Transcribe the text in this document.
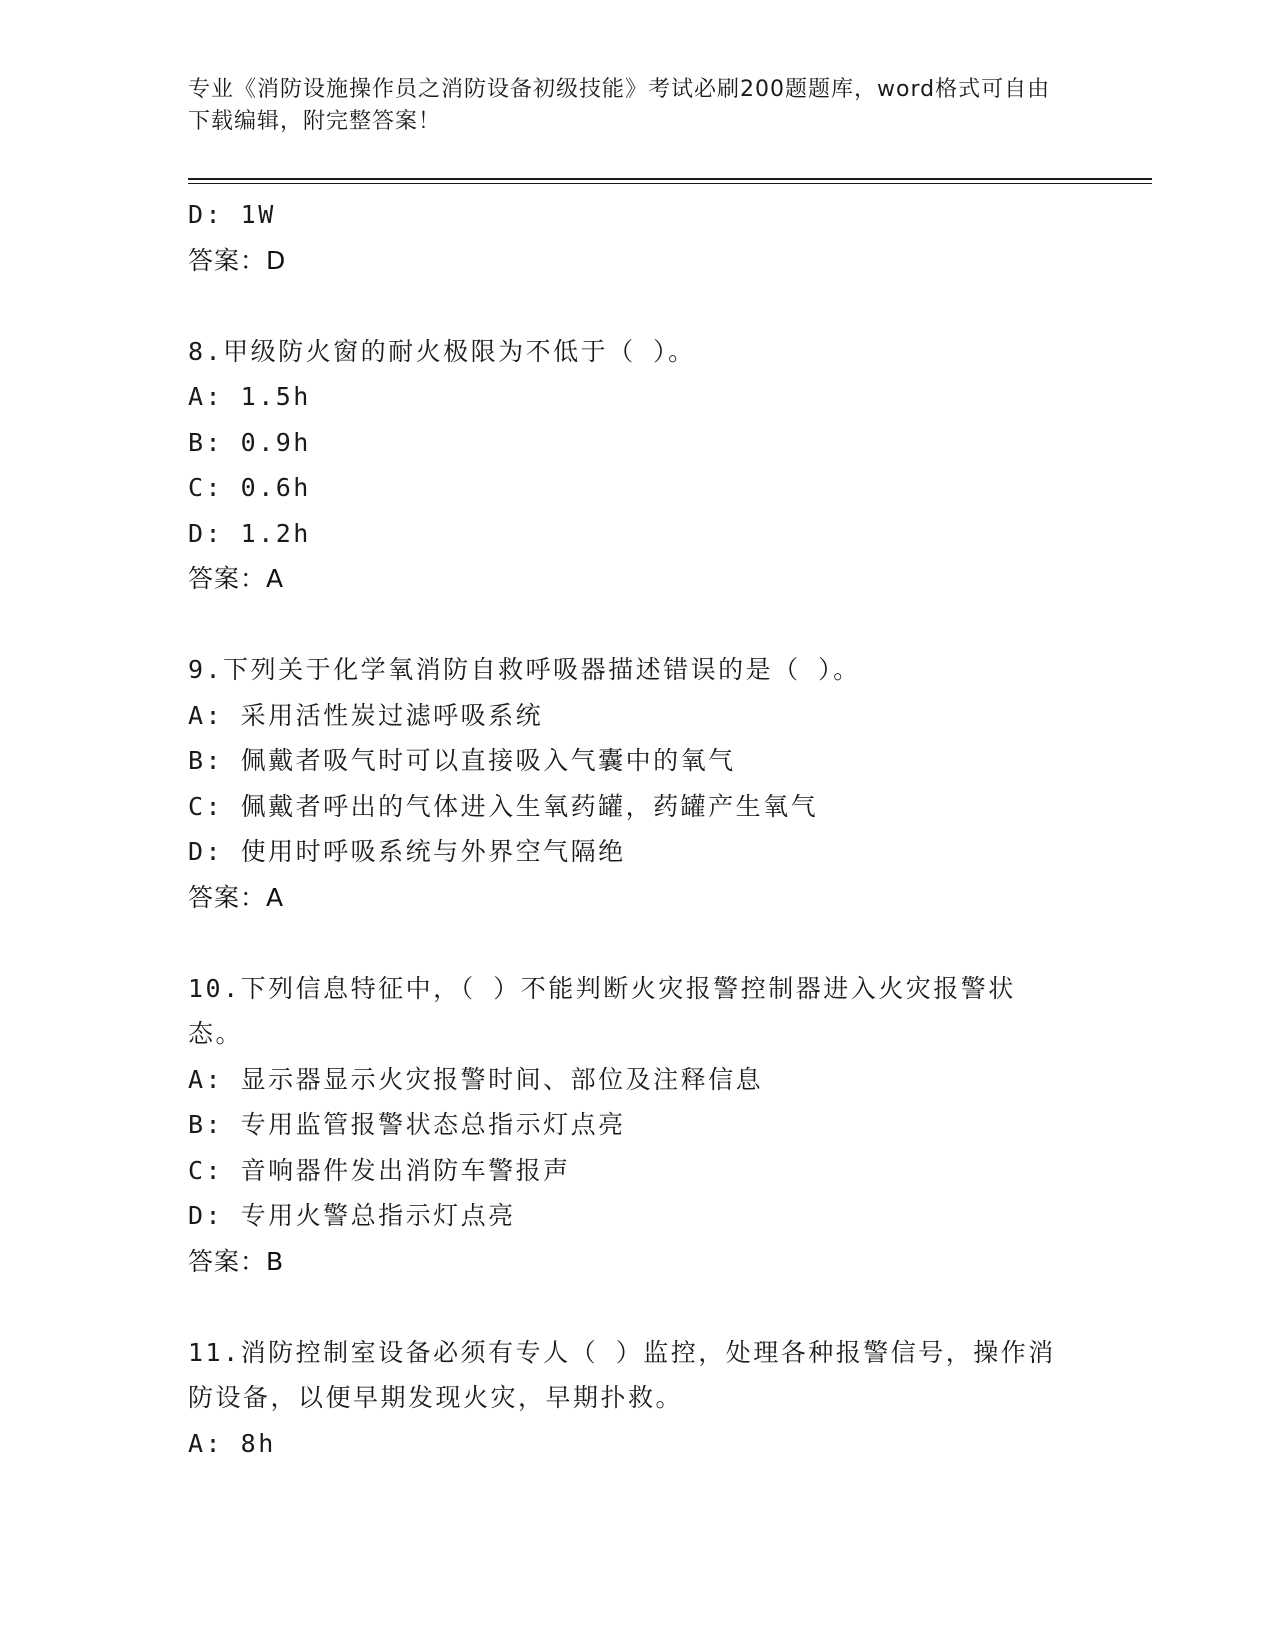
专业《消防设施操作员之消防设备初级技能》考试必刷200题题库，word格式可自由下载编辑，附完整答案！
D: 1W
答案：D
8.甲级防火窗的耐火极限为不低于（ ）。
A: 1.5h
B: 0.9h
C: 0.6h
D: 1.2h
答案：A
9.下列关于化学氧消防自救呼吸器描述错误的是（ ）。
A: 采用活性炭过滤呼吸系统
B: 佩戴者吸气时可以直接吸入气囊中的氧气
C: 佩戴者呼出的气体进入生氧药罐，药罐产生氧气
D: 使用时呼吸系统与外界空气隔绝
答案：A
10.下列信息特征中，（ ）不能判断火灾报警控制器进入火灾报警状态。
A: 显示器显示火灾报警时间、部位及注释信息
B: 专用监管报警状态总指示灯点亮
C: 音响器件发出消防车警报声
D: 专用火警总指示灯点亮
答案：B
11.消防控制室设备必须有专人（ ）监控，处理各种报警信号，操作消防设备，以便早期发现火灾，早期扑救。
A: 8h
